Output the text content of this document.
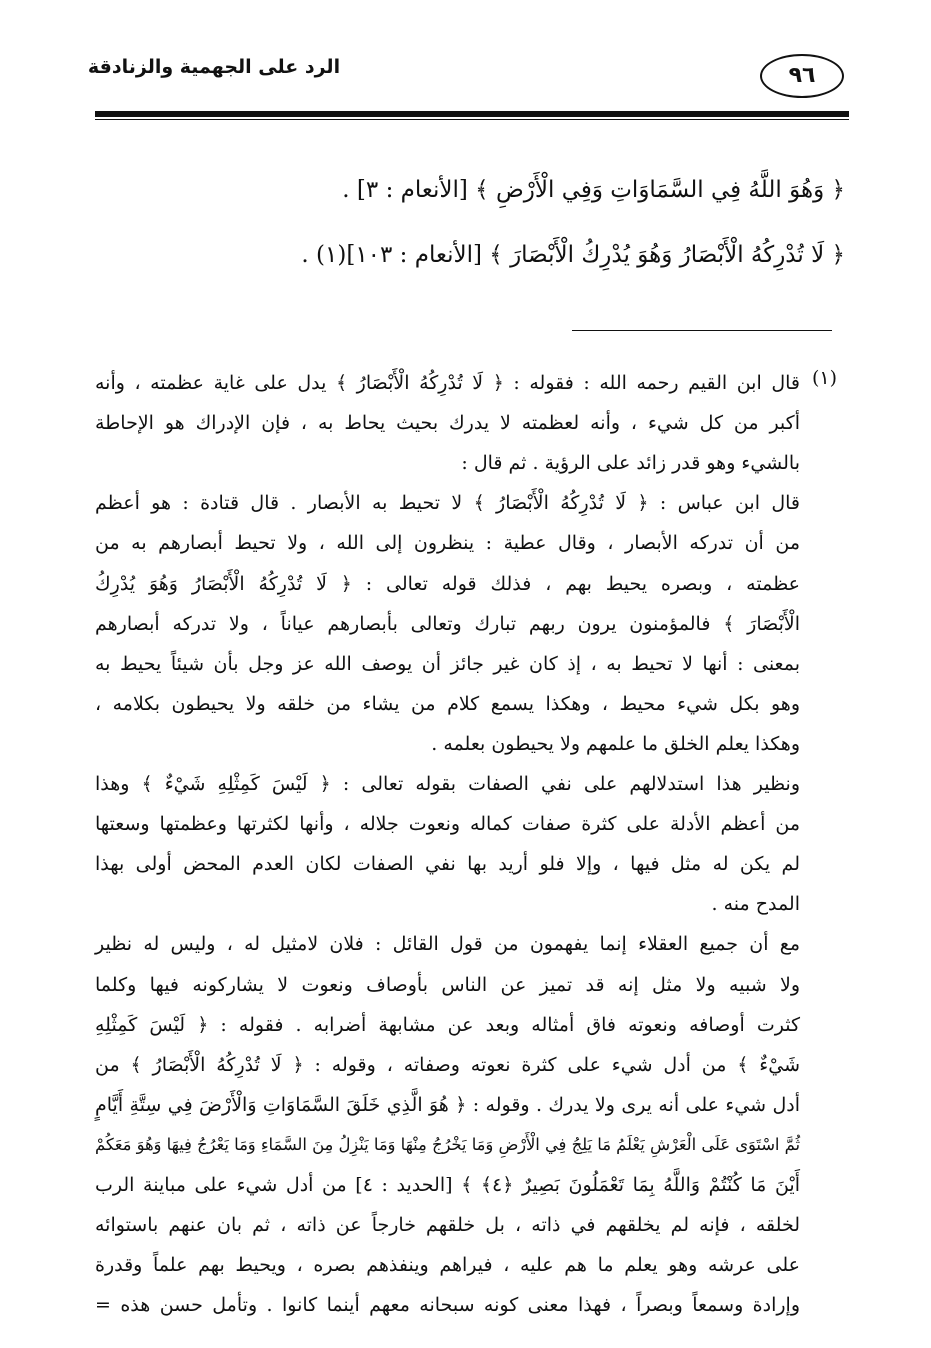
٩٦
الرد على الجهمية والزنادقة
﴿ وَهُوَ اللَّهُ فِي السَّمَاوَاتِ وَفِي الْأَرْضِ ﴾ [الأنعام : ٣] .
﴿ لَا تُدْرِكُهُ الْأَبْصَارُ وَهُوَ يُدْرِكُ الْأَبْصَارَ ﴾ [الأنعام : ١٠٣](١) .
(١)
قال ابن القيم رحمه الله : فقوله : ﴿ لَا تُدْرِكُهُ الْأَبْصَارُ ﴾ يدل على غاية عظمته ، وأنه
أكبر من كل شيء ، وأنه لعظمته لا يدرك بحيث يحاط به ، فإن الإدراك هو الإحاطة
بالشيء وهو قدر زائد على الرؤية . ثم قال :
قال ابن عباس : ﴿ لَا تُدْرِكُهُ الْأَبْصَارُ ﴾ لا تحيط به الأبصار . قال قتادة : هو أعظم
من أن تدركه الأبصار ، وقال عطية : ينظرون إلى الله ، ولا تحيط أبصارهم به من
عظمته ، وبصره يحيط بهم ، فذلك قوله تعالى : ﴿ لَا تُدْرِكُهُ الْأَبْصَارُ وَهُوَ يُدْرِكُ
الْأَبْصَارَ ﴾ فالمؤمنون يرون ربهم تبارك وتعالى بأبصارهم عياناً ، ولا تدركه أبصارهم
بمعنى : أنها لا تحيط به ، إذ كان غير جائز أن يوصف الله عز وجل بأن شيئاً يحيط به
وهو بكل شيء محيط ، وهكذا يسمع كلام من يشاء من خلقه ولا يحيطون بكلامه ،
وهكذا يعلم الخلق ما علمهم ولا يحيطون بعلمه .
ونظير هذا استدلالهم على نفي الصفات بقوله تعالى : ﴿ لَيْسَ كَمِثْلِهِ شَيْءٌ ﴾ وهذا
من أعظم الأدلة على كثرة صفات كماله ونعوت جلاله ، وأنها لكثرتها وعظمتها وسعتها
لم يكن له مثل فيها ، وإلا فلو أريد بها نفي الصفات لكان العدم المحض أولى بهذا
المدح منه .
مع أن جميع العقلاء إنما يفهمون من قول القائل : فلان لامثيل له ، وليس له نظير
ولا شبيه ولا مثل إنه قد تميز عن الناس بأوصاف ونعوت لا يشاركونه فيها وكلما
كثرت أوصافه ونعوته فاق أمثاله وبعد عن مشابهة أضرابه . فقوله : ﴿ لَيْسَ كَمِثْلِهِ
شَيْءٌ ﴾ من أدل شيء على كثرة نعوته وصفاته ، وقوله : ﴿ لَا تُدْرِكُهُ الْأَبْصَارُ ﴾ من
أدل شيء على أنه يرى ولا يدرك . وقوله : ﴿ هُوَ الَّذِي خَلَقَ السَّمَاوَاتِ وَالْأَرْضَ فِي سِتَّةِ أَيَّامٍ
ثُمَّ اسْتَوَى عَلَى الْعَرْشِ يَعْلَمُ مَا يَلِجُ فِي الْأَرْضِ وَمَا يَخْرُجُ مِنْهَا وَمَا يَنْزِلُ مِنَ السَّمَاءِ وَمَا يَعْرُجُ فِيهَا وَهُوَ مَعَكُمْ
أَيْنَ مَا كُنْتُمْ وَاللَّهُ بِمَا تَعْمَلُونَ بَصِيرٌ ﴿٤﴾ ﴾ [الحديد : ٤] من أدل شيء على مباينة الرب
لخلقه ، فإنه لم يخلقهم في ذاته ، بل خلقهم خارجاً عن ذاته ، ثم بان عنهم باستوائه
على عرشه وهو يعلم ما هم عليه ، فيراهم وينفذهم بصره ، ويحيط بهم علماً وقدرة
وإرادة وسمعاً وبصراً ، فهذا معنى كونه سبحانه معهم أينما كانوا . وتأمل حسن هذه =
